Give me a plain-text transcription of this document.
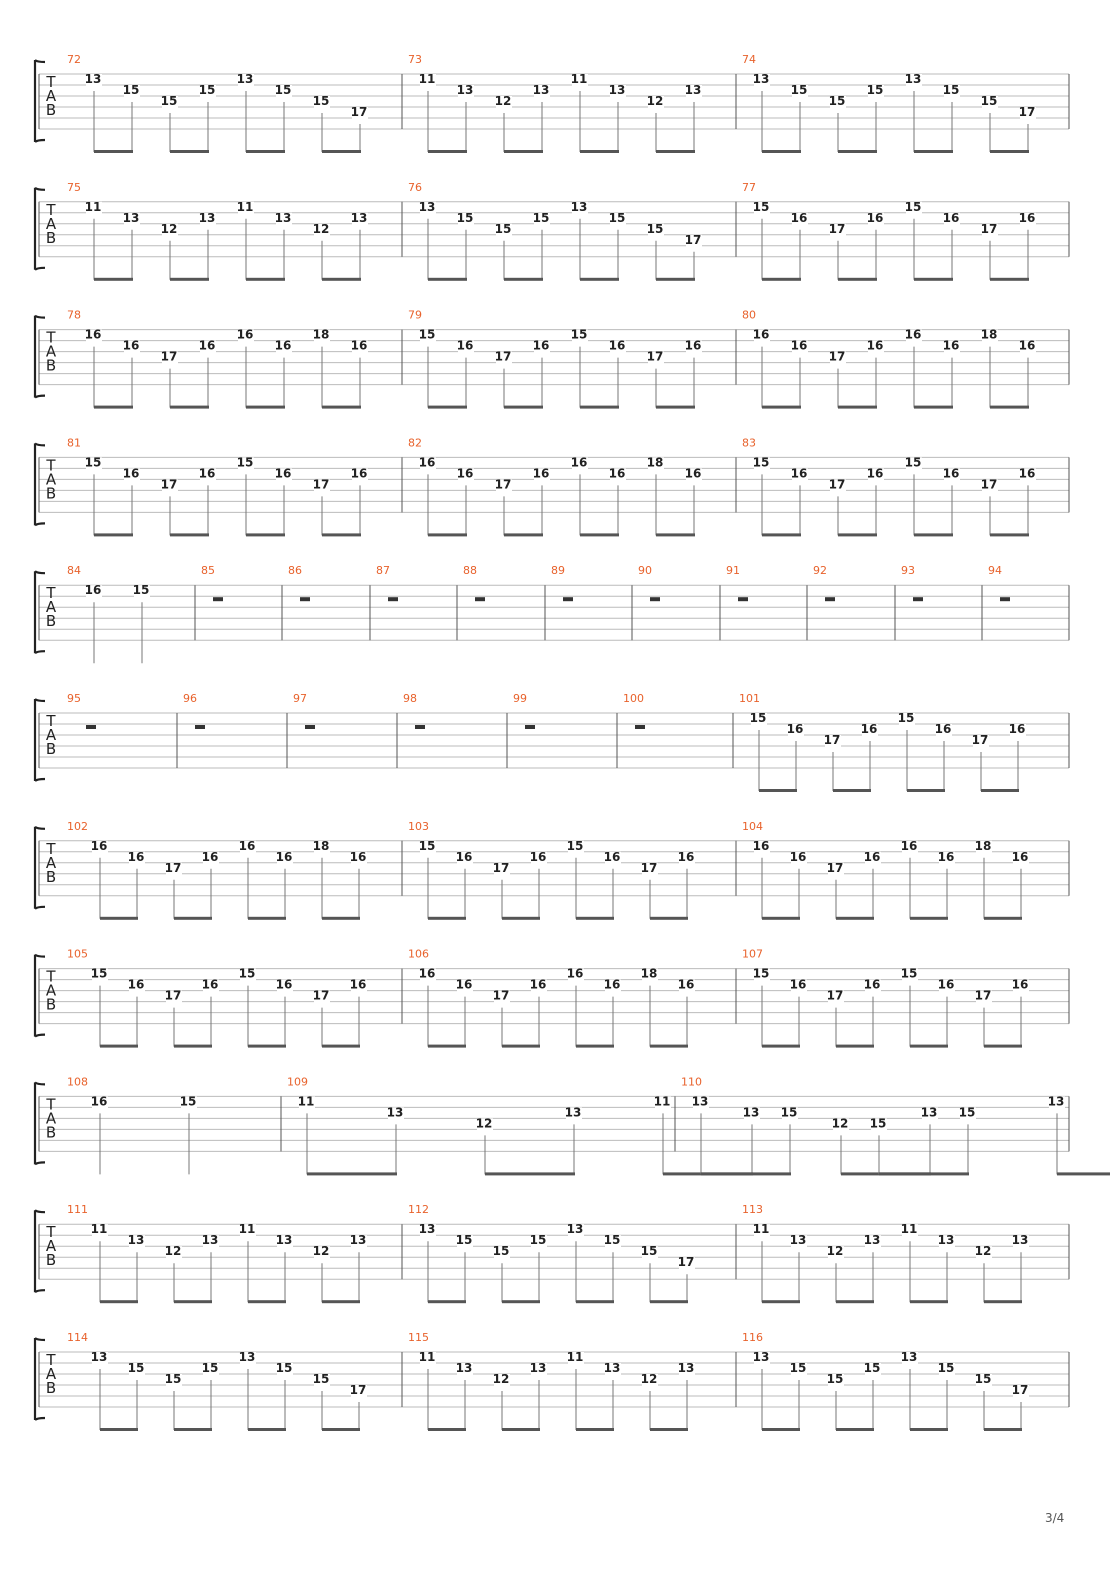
T
A
B
72
13
15
15
15
13
15
15
17
73
11
13
12
13
11
13
12
13
74
13
15
15
15
13
15
15
17
T
A
B
75
11
13
12
13
11
13
12
13
76
13
15
15
15
13
15
15
17
77
15
16
17
16
15
16
17
16
T
A
B
78
16
16
17
16
16
16
18
16
79
15
16
17
16
15
16
17
16
80
16
16
17
16
16
16
18
16
T
A
B
81
15
16
17
16
15
16
17
16
82
16
16
17
16
16
16
18
16
83
15
16
17
16
15
16
17
16
T
A
B
84
16	15
85	86	87	88	89	90	91	92	93	94
T
A
B
95	96	97	98	99	100	101
15
16
17
16
15
16
17
16
T
A
B
102
16
16
17
16
16
16
18
16
103
15
16
17
16
15
16
17
16
104
16
16
17
16
16
16
18
16
T
A
B
105
15
16
17
16
15
16
17
16
106
16
16
17
16
16
16
18
16
107
15
16
17
16
15
16
17
16
T
A
B
108
16	15
109
11
13
12
13
11
13
12
13
110
13
15
15
15
13
T
A
B
111
11
13
12
13
11
13
12
13
112
13
15
15
15
13
15
15
17
113
11
13
12
13
11
13
12
13
T
A
B
114
13
15
15
15
13
15
15
17
115
11
13
12
13
11
13
12
13
116
13
15
15
15
13
15
15
17
3/4
